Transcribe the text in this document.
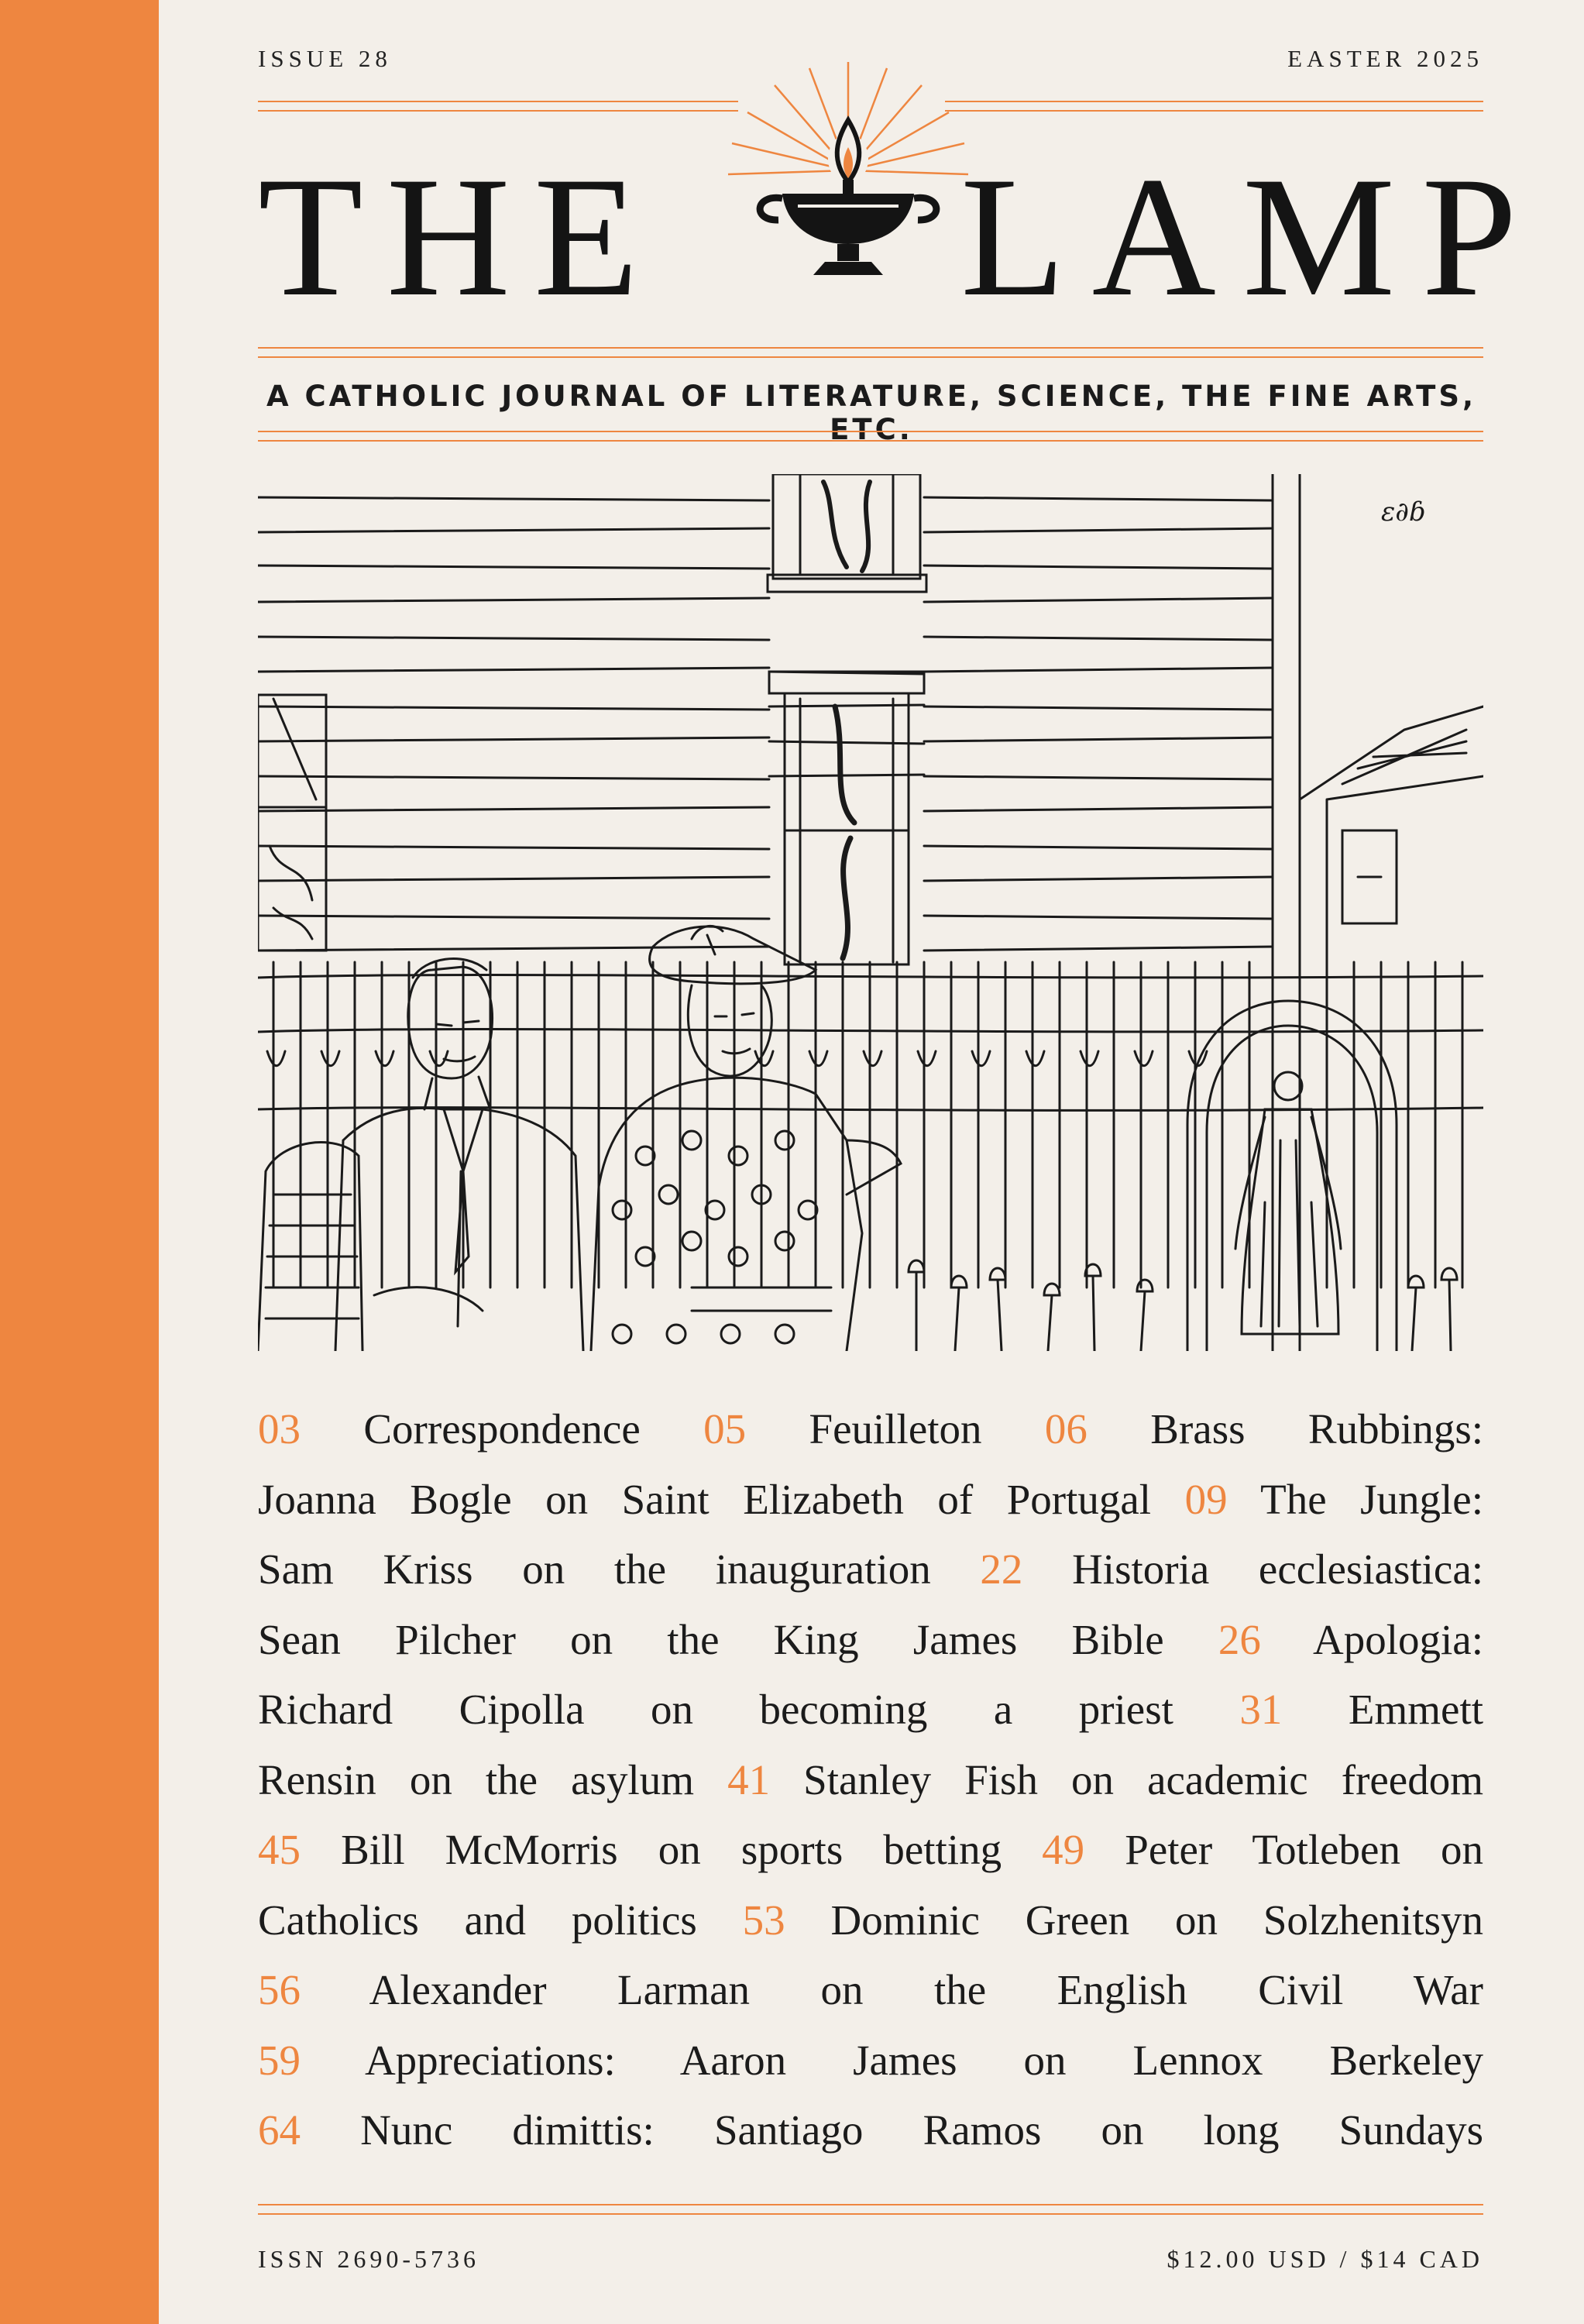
ISSUE 28	EASTER 2025
THE LAMP
A CATHOLIC JOURNAL OF LITERATURE, SCIENCE, THE FINE ARTS, ETC.
ɛ∂ɓ
03 Correspondence 05 Feuilleton 06 Brass Rubbings:
Joanna Bogle on Saint Elizabeth of Portugal 09 The Jungle:
Sam Kriss on the inauguration 22 Historia ecclesiastica:
Sean Pilcher on the King James Bible 26 Apologia:
Richard Cipolla on becoming a priest 31 Emmett
Rensin on the asylum 41 Stanley Fish on academic freedom
45 Bill McMorris on sports betting 49 Peter Totleben on
Catholics and politics 53 Dominic Green on Solzhenitsyn
56 Alexander Larman on the English Civil War
59 Appreciations: Aaron James on Lennox Berkeley
64 Nunc dimittis: Santiago Ramos on long Sundays
ISSN 2690-5736	$12.00 USD / $14 CAD
